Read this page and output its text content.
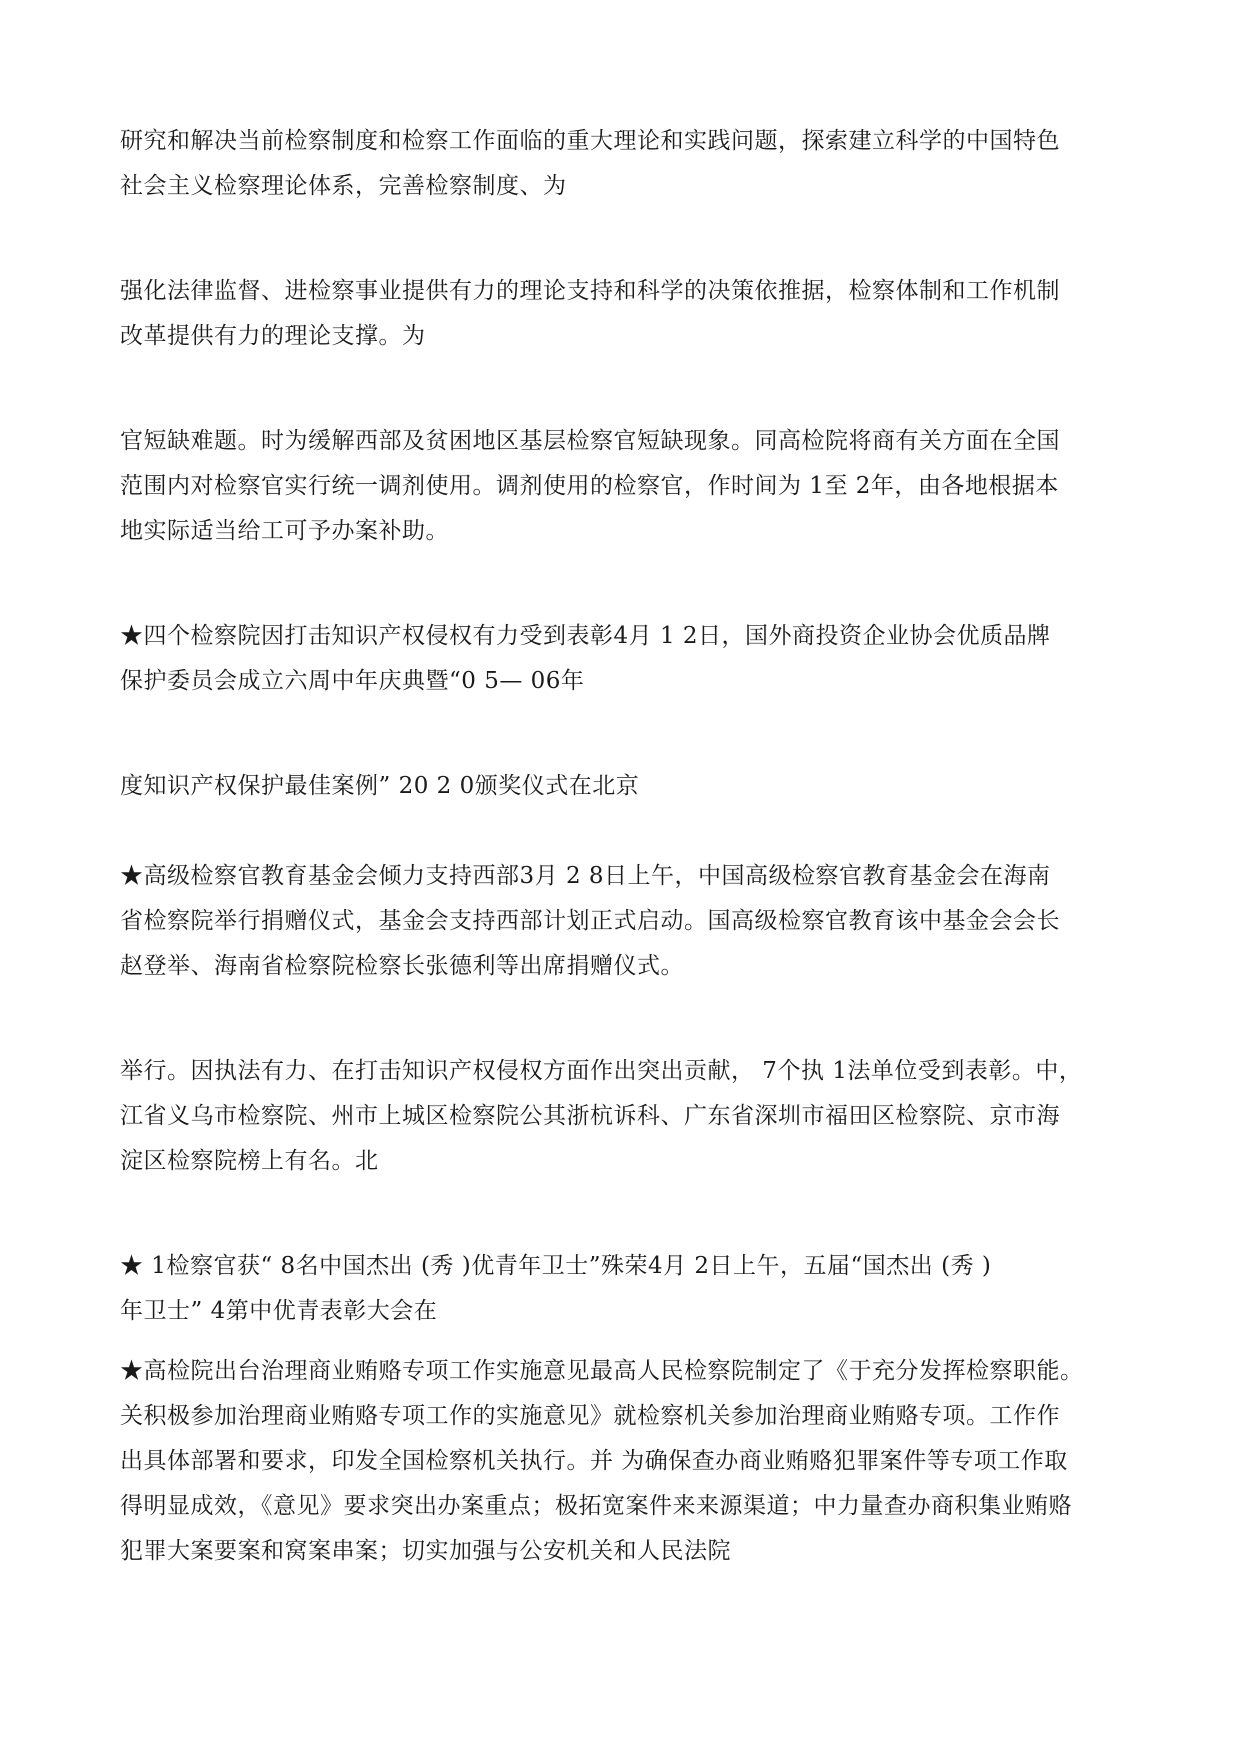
研究和解决当前检察制度和检察工作面临的重大理论和实践问题，探索建立科学的中国特色
社会主义检察理论体系，完善检察制度、为

强化法律监督、进检察事业提供有力的理论支持和科学的决策依推据，检察体制和工作机制
改革提供有力的理论支撑。为

官短缺难题。时为缓解西部及贫困地区基层检察官短缺现象。同高检院将商有关方面在全国
范围内对检察官实行统一调剂使用。调剂使用的检察官，作时间为 1至 2年，由各地根据本
地实际适当给工可予办案补助。

★四个检察院因打击知识产权侵权有力受到表彰4月 1 2日，国外商投资企业协会优质品牌
保护委员会成立六周中年庆典暨“0 5— 06年

度知识产权保护最佳案例” 20 2 0颁奖仪式在北京

★高级检察官教育基金会倾力支持西部3月 2 8日上午，中国高级检察官教育基金会在海南
省检察院举行捐赠仪式，基金会支持西部计划正式启动。国高级检察官教育该中基金会会长
赵登举、海南省检察院检察长张德利等出席捐赠仪式。

举行。因执法有力、在打击知识产权侵权方面作出突出贡献， 7个执 1法单位受到表彰。中，
江省义乌市检察院、州市上城区检察院公其浙杭诉科、广东省深圳市福田区检察院、京市海
淀区检察院榜上有名。北

★ 1检察官获“ 8名中国杰出 (秀 )优青年卫士”殊荣4月 2日上午，五届“国杰出 (秀 )
年卫士” 4第中优青表彰大会在

★高检院出台治理商业贿赂专项工作实施意见最高人民检察院制定了《于充分发挥检察职能。
关积极参加治理商业贿赂专项工作的实施意见》就检察机关参加治理商业贿赂专项。工作作
出具体部署和要求，印发全国检察机关执行。并 为确保查办商业贿赂犯罪案件等专项工作取
得明显成效，《意见》要求突出办案重点；极拓宽案件来来源渠道；中力量查办商积集业贿赂
犯罪大案要案和窝案串案；切实加强与公安机关和人民法院
